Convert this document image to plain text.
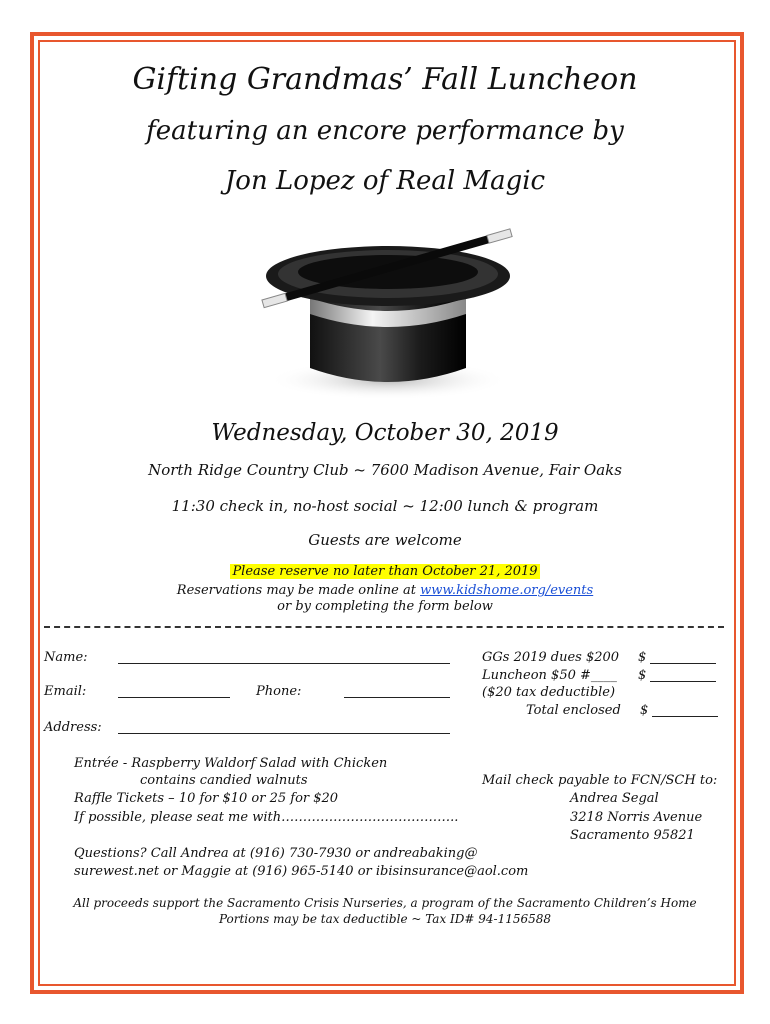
Gifting Grandmas’ Fall Luncheon
featuring an encore performance by
Jon Lopez of Real Magic
Wednesday, October 30, 2019
North Ridge Country Club ~ 7600 Madison Avenue, Fair Oaks
11:30 check in, no-host social ~ 12:00 lunch & program
Guests are welcome
Please reserve no later than October 21, 2019
Reservations may be made online at www.kidshome.org/events
or by completing the form below
Name:
Email:	Phone:
Address:
GGs 2019 dues $200 $
Luncheon $50 #____ $
($20 tax deductible)
Total enclosed $
Entrée - Raspberry Waldorf Salad with Chicken
contains candied walnuts
Raffle Tickets – 10 for $10 or 25 for $20
If possible, please seat me with…………………………………..
Mail check payable to FCN/SCH to:
Andrea Segal
3218 Norris Avenue
Sacramento 95821
Questions? Call Andrea at (916) 730-7930 or andreabaking@
surewest.net or Maggie at (916) 965-5140 or ibisinsurance@aol.com
All proceeds support the Sacramento Crisis Nurseries, a program of the Sacramento Children’s Home
Portions may be tax deductible ~ Tax ID# 94-1156588
